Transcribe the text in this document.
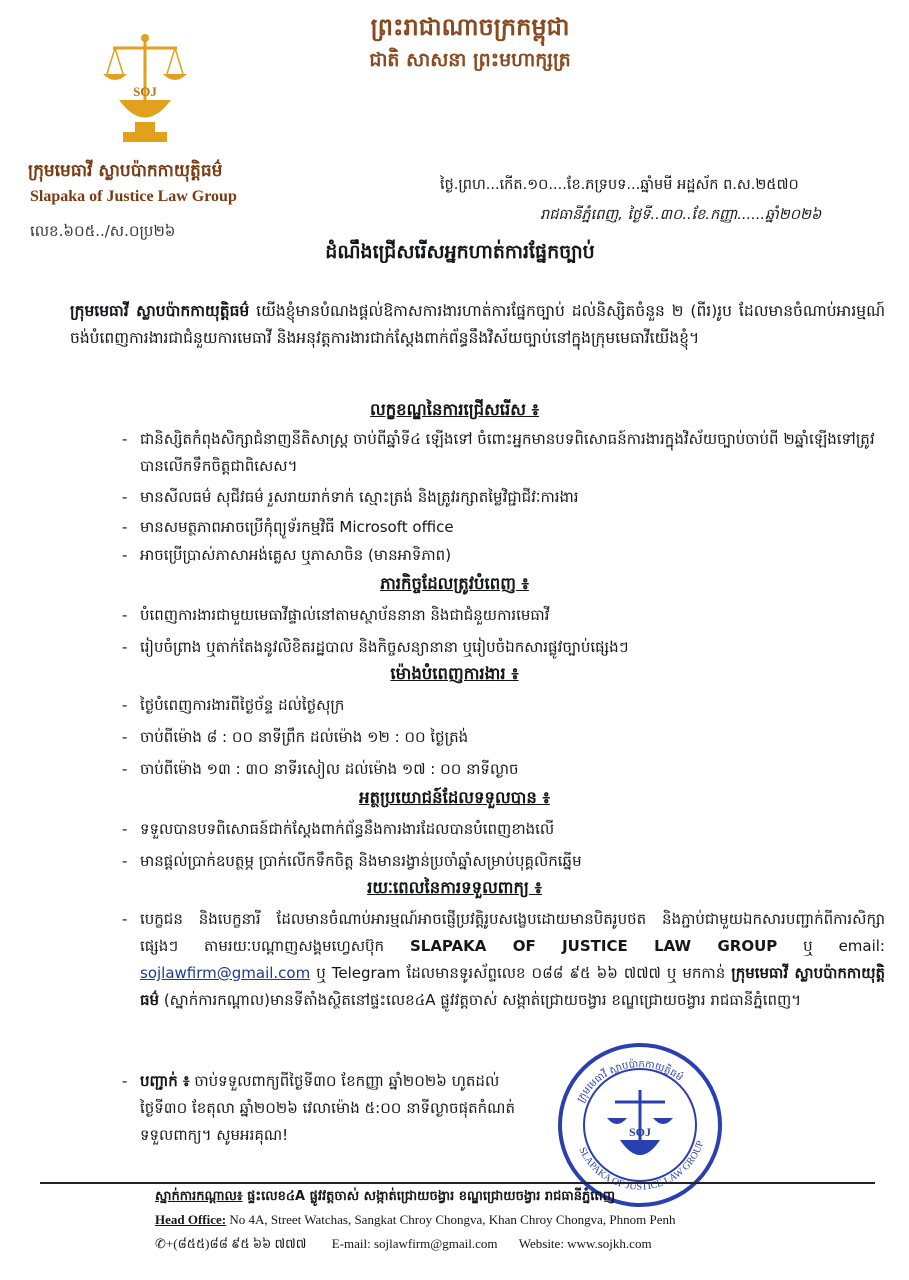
SOJ
ក្រុមមេធាវី ស្លាបប៉ាកកាយុត្តិធម៌
Slapaka of Justice Law Group
លេខ.៦០៥../ស.០ប្រ២៦
ព្រះរាជាណាចក្រកម្ពុជា
ជាតិ សាសនា ព្រះមហាក្សត្រ
ថ្ងៃ.ព្រហ...កើត.១០....ខែ.ភទ្របទ...ឆ្នាំមមី អដ្ឋស័ក ព.ស.២៥៧០
រាជធានីភ្នំពេញ, ថ្ងៃទី..៣០..ខែ.កញ្ញា......ឆ្នាំ២០២៦
ដំណឹងជ្រើសរើសអ្នកហាត់ការផ្នែកច្បាប់
ក្រុមមេធាវី ស្លាបប៉ាកកាយុត្តិធម៌ យើងខ្ញុំមានបំណងផ្ដល់ឱកាសការងារហាត់ការផ្នែកច្បាប់ ដល់និស្សិតចំនួន ២ (ពីរ)រូប ដែលមានចំណាប់អារម្មណ៍ចង់បំពេញការងារជាជំនួយការមេធាវី និងអនុវត្តការងារជាក់ស្ដែងពាក់ព័ន្ធនឹងវិស័យច្បាប់នៅក្នុងក្រុមមេធាវីយើងខ្ញុំ។
លក្ខខណ្ឌនៃការជ្រើសរើស ៖
- ជានិស្សិតកំពុងសិក្សាជំនាញនីតិសាស្ត្រ ចាប់ពីឆ្នាំទី៤ ឡើងទៅ ចំពោះអ្នកមានបទពិសោធន៍ការងារក្នុងវិស័យច្បាប់ចាប់ពី ២ឆ្នាំឡើងទៅត្រូវបានលើកទឹកចិត្តជាពិសេស។
- មានសីលធម៌ សុជីវធម៌ រួសរាយរាក់ទាក់ ស្មោះត្រង់ និងត្រូវរក្សាតម្លៃវិជ្ជាជីវៈការងារ
- មានសមត្ថភាពអាចប្រើកុំព្យូទ័រកម្មវិធី Microsoft office
- អាចប្រើប្រាស់ភាសាអង់គ្លេស ឬភាសាចិន (មានអាទិភាព)
ភារកិច្ចដែលត្រូវបំពេញ ៖
- បំពេញការងារជាមួយមេធាវីផ្ទាល់នៅតាមស្ថាប័ននានា និងជាជំនួយការមេធាវី
- រៀបចំព្រាង ឬតាក់តែងនូវលិខិតរដ្ឋបាល និងកិច្ចសន្យានានា ឬរៀបចំឯកសារផ្លូវច្បាប់ផ្សេងៗ
ម៉ោងបំពេញការងារ ៖
- ថ្ងៃបំពេញការងារពីថ្ងៃច័ន្ទ ដល់ថ្ងៃសុក្រ
- ចាប់ពីម៉ោង ៨ : ០០ នាទីព្រឹក ដល់ម៉ោង ១២ : ០០ ថ្ងៃត្រង់
- ចាប់ពីម៉ោង ១៣ : ៣០ នាទីរសៀល ដល់ម៉ោង ១៧ : ០០ នាទីល្ងាច
អត្ថប្រយោជន៍ដែលទទួលបាន ៖
- ទទួលបានបទពិសោធន៍ជាក់ស្ដែងពាក់ព័ន្ធនឹងការងារដែលបានបំពេញខាងលើ
- មានផ្ដល់ប្រាក់ឧបត្ថម្ភ ប្រាក់លើកទឹកចិត្ត និងមានរង្វាន់ប្រចាំឆ្នាំសម្រាប់បុគ្គលិកឆ្នើម
រយៈពេលនៃការទទួលពាក្យ ៖
- បេក្ខជន និងបេក្ខនារី ដែលមានចំណាប់អារម្មណ៍អាចផ្ញើប្រវត្តិរូបសង្ខេបដោយមានបិតរូបថត និងភ្ជាប់ជាមួយឯកសារបញ្ជាក់ពីការសិក្សាផ្សេងៗ តាមរយៈបណ្ដាញសង្គមហ្វេសប៊ុក SLAPAKA OF JUSTICE LAW GROUP ឬ email: sojlawfirm@gmail.com ឬ Telegram ដែលមានទូរស័ព្ទលេខ ០៨៨ ៩៥ ៦៦ ៧៧៧ ឬ មកកាន់ ក្រុមមេធាវី ស្លាបប៉ាកកាយុត្តិធម៌ (ស្នាក់ការកណ្ដាល)មានទីតាំងស្ថិតនៅផ្ទះលេខ៤A ផ្លូវវត្តចាស់ សង្កាត់ជ្រោយចង្វារ ខណ្ឌជ្រោយចង្វារ រាជធានីភ្នំពេញ។
- បញ្ជាក់ ៖ ចាប់ទទួលពាក្យពីថ្ងៃទី៣០ ខែកញ្ញា ឆ្នាំ២០២៦ ហូតដល់ថ្ងៃទី៣០ ខែតុលា ឆ្នាំ២០២៦ វេលាម៉ោង ៥:០០ នាទីល្ងាចផុតកំណត់ទទួលពាក្យ។ សូមអរគុណ!	SOJ
SLAPAKA OF JUSTICE LAW GROUP
ក្រុមមេធាវី ស្លាបប៉ាកកាយុត្តិធម៌
ស្នាក់ការកណ្ដាល៖ ផ្ទះលេខ៤A ផ្លូវវត្តចាស់ សង្កាត់ជ្រោយចង្វារ ខណ្ឌជ្រោយចង្វារ រាជធានីភ្នំពេញ
Head Office: No 4A, Street Watchas, Sangkat Chroy Chongva, Khan Chroy Chongva, Phnom Penh
✆+(៨៥៥)៨៨ ៩៥ ៦៦ ៧៧៧ E-mail: sojlawfirm@gmail.com Website: www.sojkh.com
